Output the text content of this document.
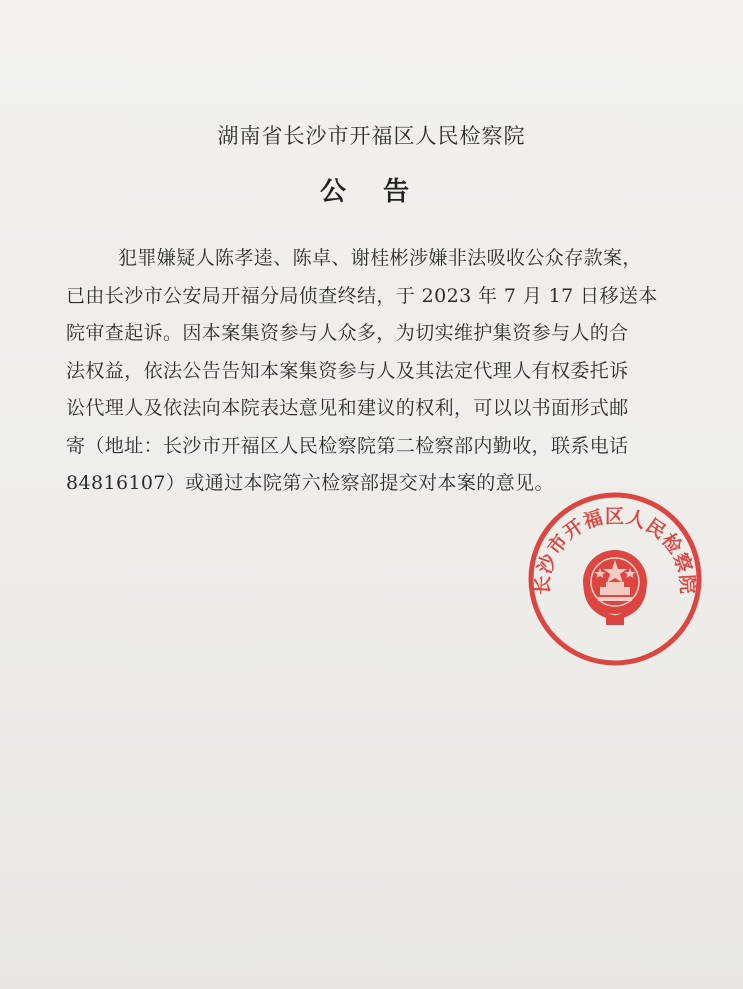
湖南省长沙市开福区人民检察院
公 告
犯罪嫌疑人陈孝逵、陈卓、谢桂彬涉嫌非法吸收公众存款案，
已由长沙市公安局开福分局侦查终结，于 2023 年 7 月 17 日移送本
院审查起诉。因本案集资参与人众多，为切实维护集资参与人的合
法权益，依法公告告知本案集资参与人及其法定代理人有权委托诉
讼代理人及依法向本院表达意见和建议的权利，可以以书面形式邮
寄（地址：长沙市开福区人民检察院第二检察部内勤收，联系电话
84816107）或通过本院第六检察部提交对本案的意见。
长沙市开福区人民检察院
